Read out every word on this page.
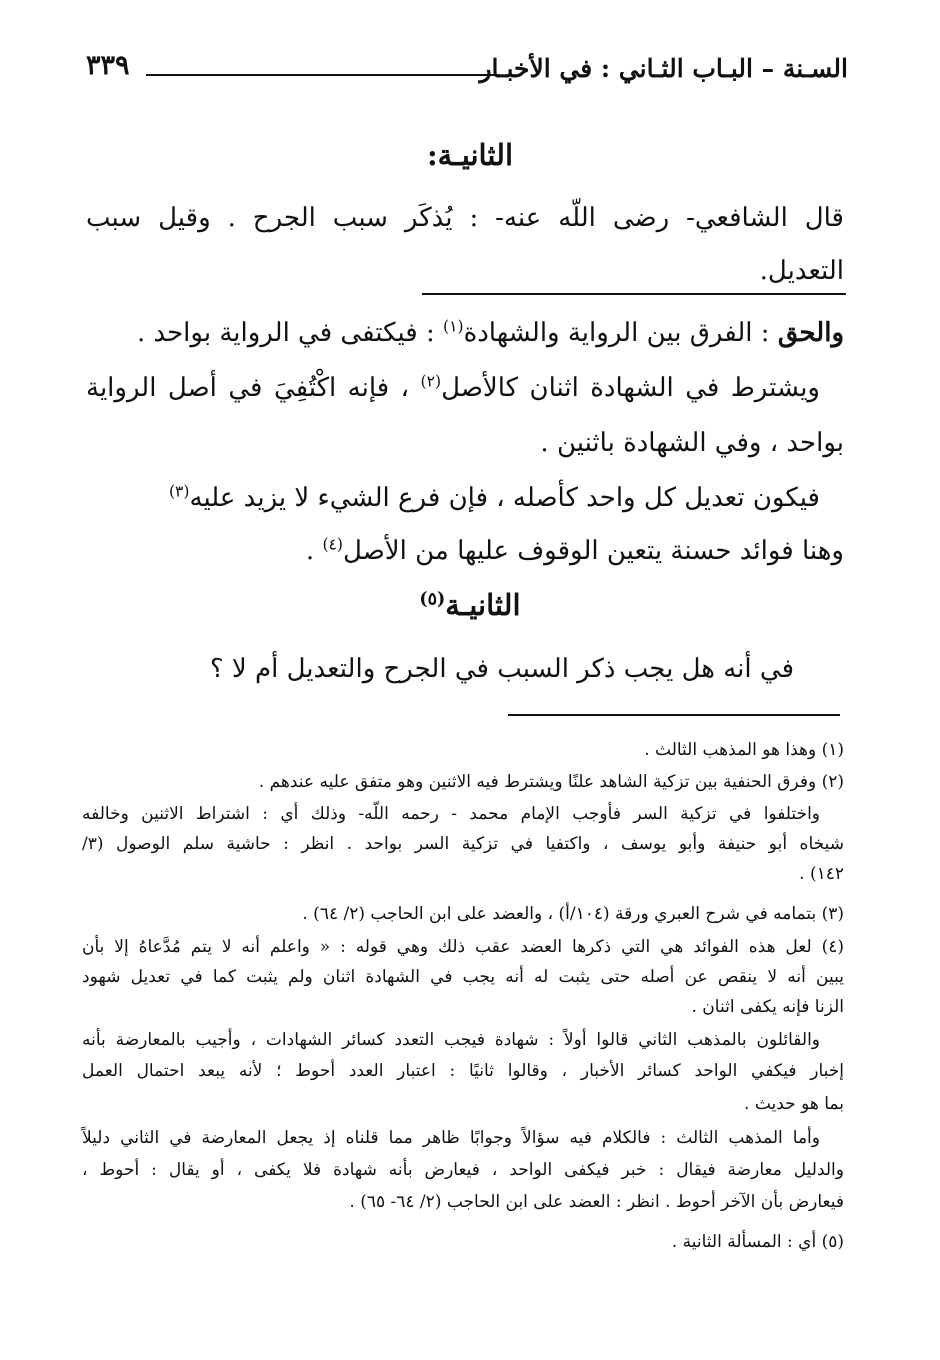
السـنة – البـاب الثـاني : في الأخبـار
٣٣٩
الثانيـة:
قال الشافعي- رضى اللّه عنه- : يُذكَر سبب الجرح . وقيل سبب
التعديل.
والحق : الفرق بين الرواية والشهادة$^{(١)}$ : فيكتفى في الرواية بواحد .
ويشترط في الشهادة اثنان كالأصل$^{(٢)}$ ، فإنه اكْتُفِيَ في أصل الرواية
بواحد ، وفي الشهادة باثنين .
فيكون تعديل كل واحد كأصله ، فإن فرع الشيء لا يزيد عليه$^{(٣)}$
وهنا فوائد حسنة يتعين الوقوف عليها من الأصل$^{(٤)}$ .
الثانيـة$^{(٥)}$
في أنه هل يجب ذكر السبب في الجرح والتعديل أم لا ؟
(١) وهذا هو المذهب الثالث .
(٢) وفرق الحنفية بين تزكية الشاهد علنًا ويشترط فيه الاثنين وهو متفق عليه عندهم .
واختلفوا في تزكية السر فأوجب الإمام محمد - رحمه اللّه- وذلك أي : اشتراط الاثنين وخالفه
شيخاه أبو حنيفة وأبو يوسف ، واكتفيا في تزكية السر بواحد . انظر : حاشية سلم الوصول (٣/
١٤٢) .
(٣) بتمامه في شرح العبري ورقة (١٠٤/أ) ، والعضد على ابن الحاجب (٢/ ٦٤) .
(٤) لعل هذه الفوائد هي التي ذكرها العضد عقب ذلك وهي قوله : « واعلم أنه لا يتم مُدَّعاهُ إلا بأن
يبين أنه لا ينقص عن أصله حتى يثبت له أنه يجب في الشهادة اثنان ولم يثبت كما في تعديل شهود
الزنا فإنه يكفى اثنان .
والقائلون بالمذهب الثاني قالوا أولاً : شهادة فيجب التعدد كسائر الشهادات ، وأجيب بالمعارضة بأنه
إخبار فيكفي الواحد كسائر الأخبار ، وقالوا ثانيًا : اعتبار العدد أحوط ؛ لأنه يبعد احتمال العمل
بما هو حديث .
وأما المذهب الثالث : فالكلام فيه سؤالاً وجوابًا ظاهر مما قلناه إذ يجعل المعارضة في الثاني دليلاً
والدليل معارضة فيقال : خبر فيكفى الواحد ، فيعارض بأنه شهادة فلا يكفى ، أو يقال : أحوط ،
فيعارض بأن الآخر أحوط . انظر : العضد على ابن الحاجب (٢/ ٦٤- ٦٥) .
(٥) أي : المسألة الثانية .
